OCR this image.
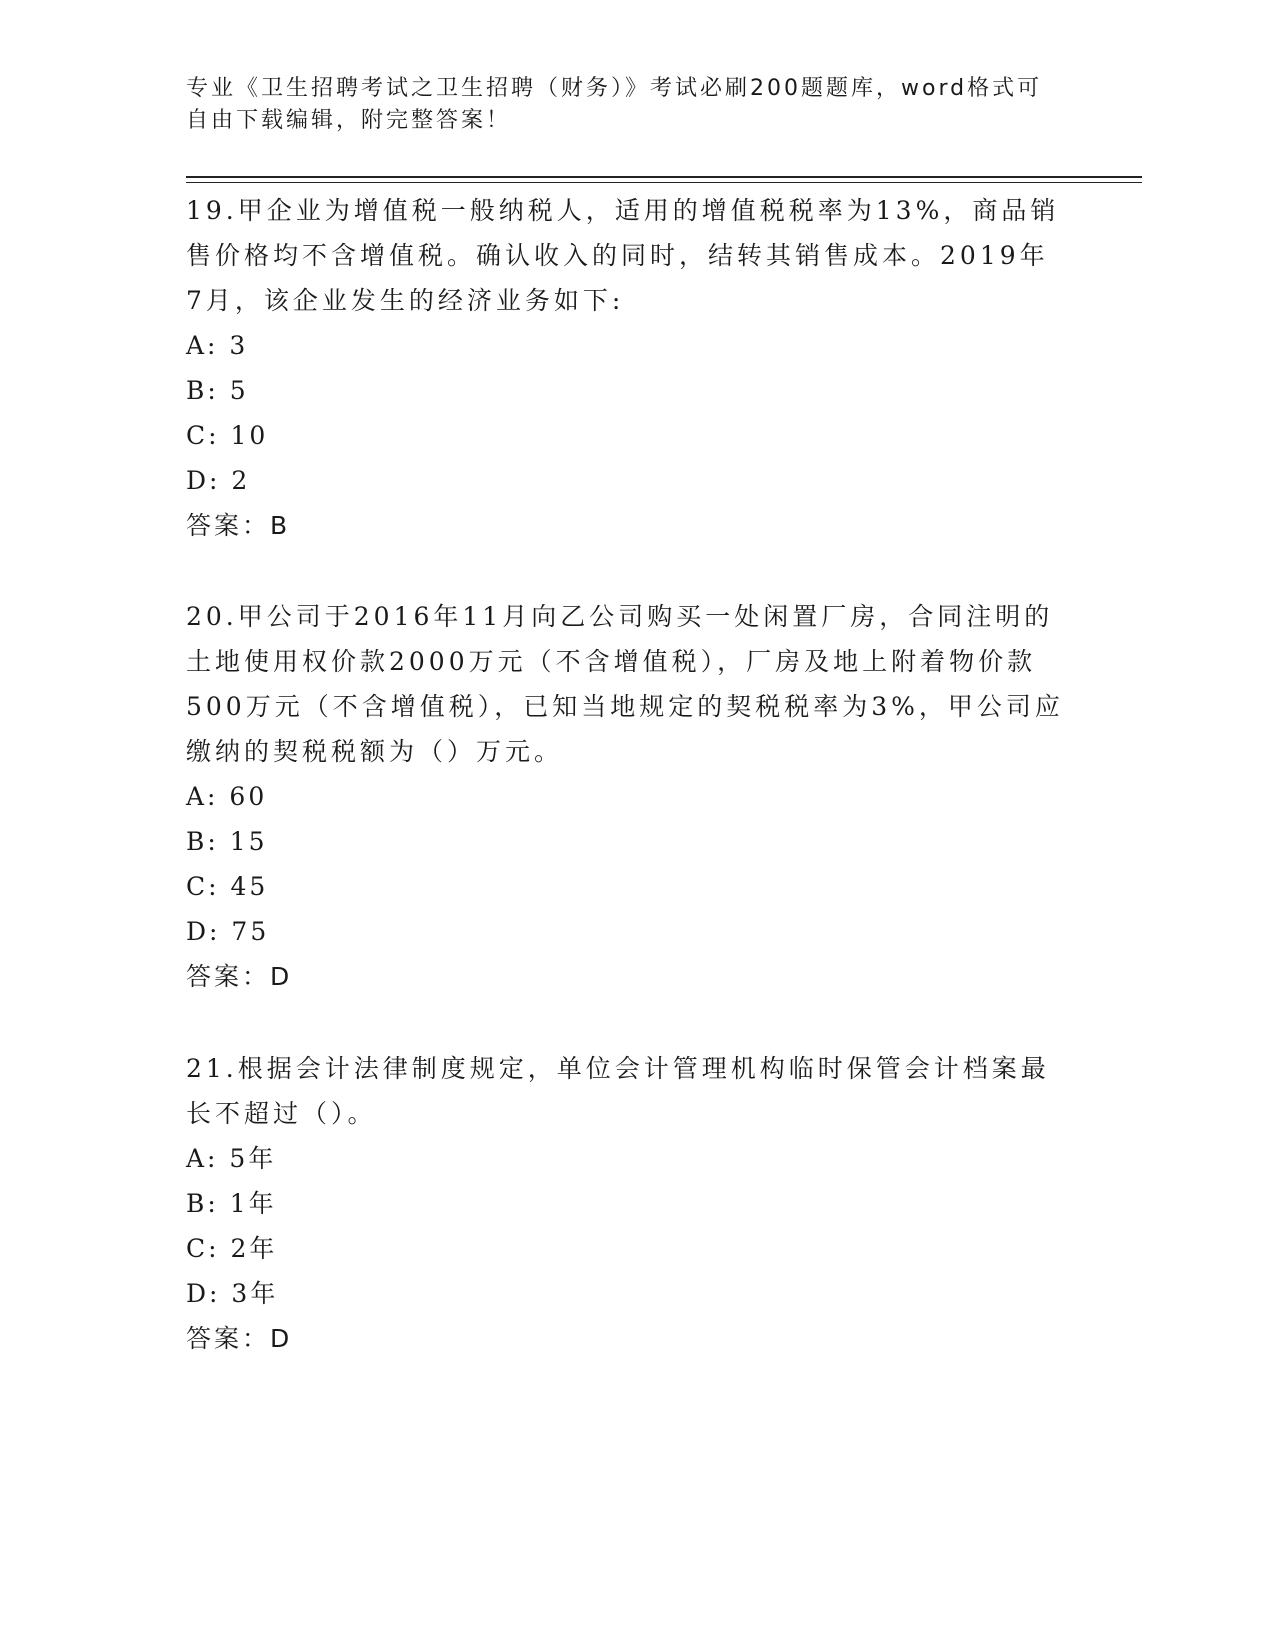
专业《卫生招聘考试之卫生招聘（财务）》考试必刷200题题库，word格式可自由下载编辑，附完整答案！

19.甲企业为增值税一般纳税人，适用的增值税税率为13%，商品销售价格均不含增值税。确认收入的同时，结转其销售成本。2019年7月，该企业发生的经济业务如下:

A: 3

B: 5

C: 10

D: 2

答案：B

20.甲公司于2016年11月向乙公司购买一处闲置厂房，合同注明的土地使用权价款2000万元（不含增值税），厂房及地上附着物价款500万元（不含增值税），已知当地规定的契税税率为3%，甲公司应缴纳的契税税额为（）万元。

A: 60

B: 15

C: 45

D: 75

答案：D

21.根据会计法律制度规定，单位会计管理机构临时保管会计档案最长不超过（）。

A: 5年

B: 1年

C: 2年

D: 3年

答案：D
